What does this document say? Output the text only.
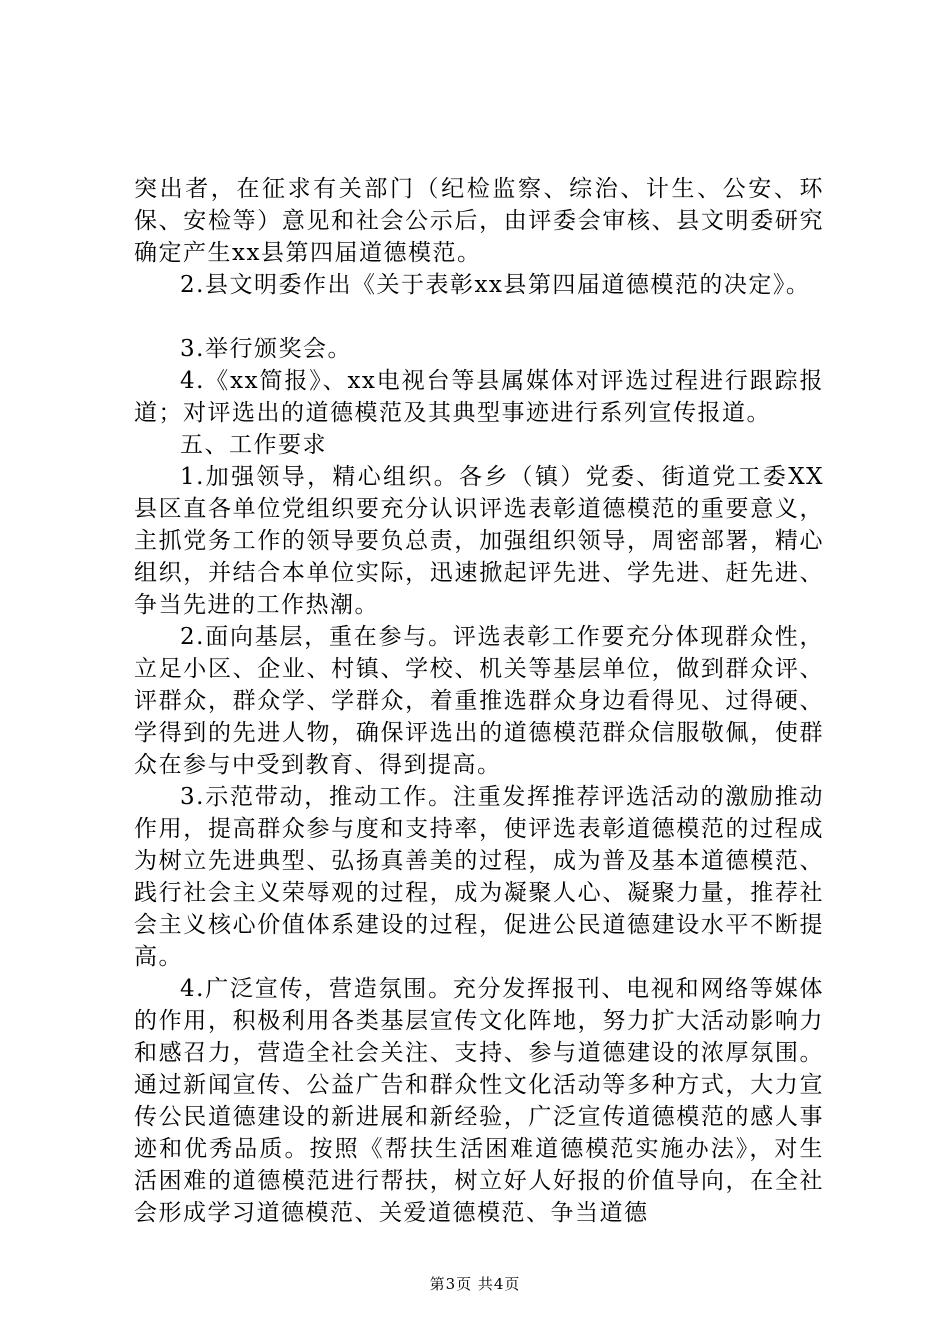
突出者，在征求有关部门（纪检监察、综治、计生、公安、环保、安检等）意见和社会公示后，由评委会审核、县文明委研究确定产生xx县第四届道德模范。

2.县文明委作出《关于表彰xx县第四届道德模范的决定》。

3.举行颁奖会。

4.《xx简报》、xx电视台等县属媒体对评选过程进行跟踪报道；对评选出的道德模范及其典型事迹进行系列宣传报道。

五、工作要求

1.加强领导，精心组织。各乡（镇）党委、街道党工委XX县区直各单位党组织要充分认识评选表彰道德模范的重要意义，主抓党务工作的领导要负总责，加强组织领导，周密部署，精心组织，并结合本单位实际，迅速掀起评先进、学先进、赶先进、争当先进的工作热潮。

2.面向基层，重在参与。评选表彰工作要充分体现群众性，立足小区、企业、村镇、学校、机关等基层单位，做到群众评、评群众，群众学、学群众，着重推选群众身边看得见、过得硬、学得到的先进人物，确保评选出的道德模范群众信服敬佩，使群众在参与中受到教育、得到提高。

3.示范带动，推动工作。注重发挥推荐评选活动的激励推动作用，提高群众参与度和支持率，使评选表彰道德模范的过程成为树立先进典型、弘扬真善美的过程，成为普及基本道德模范、践行社会主义荣辱观的过程，成为凝聚人心、凝聚力量，推荐社会主义核心价值体系建设的过程，促进公民道德建设水平不断提高。

4.广泛宣传，营造氛围。充分发挥报刊、电视和网络等媒体的作用，积极利用各类基层宣传文化阵地，努力扩大活动影响力和感召力，营造全社会关注、支持、参与道德建设的浓厚氛围。通过新闻宣传、公益广告和群众性文化活动等多种方式，大力宣传公民道德建设的新进展和新经验，广泛宣传道德模范的感人事迹和优秀品质。按照《帮扶生活困难道德模范实施办法》，对生活困难的道德模范进行帮扶，树立好人好报的价值导向，在全社会形成学习道德模范、关爱道德模范、争当道德

第3页 共4页
